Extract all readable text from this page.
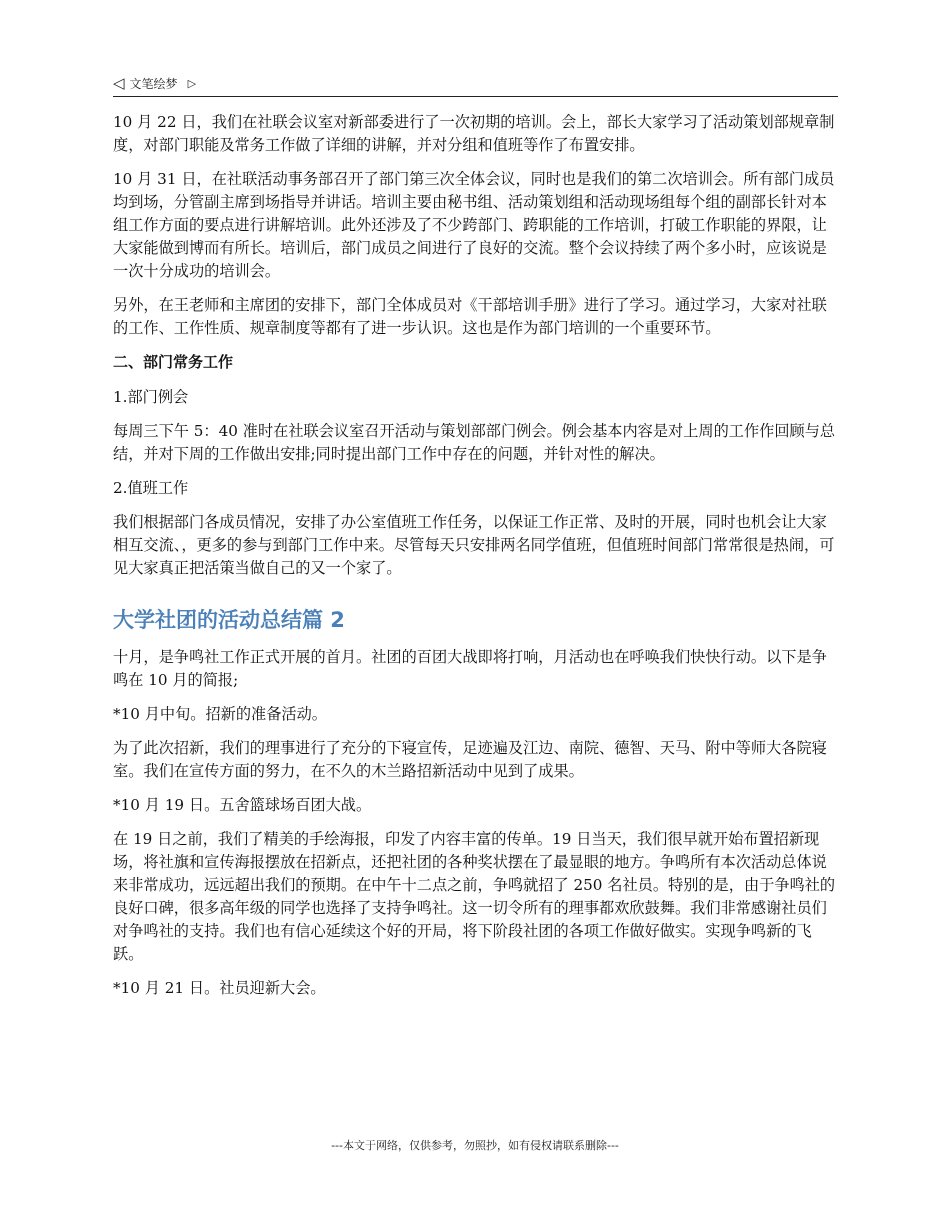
◁ 文笔绘梦 ▷

10 月 22 日，我们在社联会议室对新部委进行了一次初期的培训。会上，部长大家学习了活动策划部规章制度，对部门职能及常务工作做了详细的讲解，并对分组和值班等作了布置安排。

10 月 31 日，在社联活动事务部召开了部门第三次全体会议，同时也是我们的第二次培训会。所有部门成员均到场，分管副主席到场指导并讲话。培训主要由秘书组、活动策划组和活动现场组每个组的副部长针对本组工作方面的要点进行讲解培训。此外还涉及了不少跨部门、跨职能的工作培训，打破工作职能的界限，让大家能做到博而有所长。培训后，部门成员之间进行了良好的交流。整个会议持续了两个多小时，应该说是一次十分成功的培训会。

另外，在王老师和主席团的安排下，部门全体成员对《干部培训手册》进行了学习。通过学习，大家对社联的工作、工作性质、规章制度等都有了进一步认识。这也是作为部门培训的一个重要环节。

二、部门常务工作

1.部门例会

每周三下午 5：40 准时在社联会议室召开活动与策划部部门例会。例会基本内容是对上周的工作作回顾与总结，并对下周的工作做出安排;同时提出部门工作中存在的问题，并针对性的解决。

2.值班工作

我们根据部门各成员情况，安排了办公室值班工作任务，以保证工作正常、及时的开展，同时也机会让大家相互交流、，更多的参与到部门工作中来。尽管每天只安排两名同学值班，但值班时间部门常常很是热闹，可见大家真正把活策当做自己的又一个家了。

大学社团的活动总结篇 2

十月，是争鸣社工作正式开展的首月。社团的百团大战即将打响，月活动也在呼唤我们快快行动。以下是争鸣在 10 月的简报;

*10 月中旬。招新的准备活动。

为了此次招新，我们的理事进行了充分的下寝宣传，足迹遍及江边、南院、德智、天马、附中等师大各院寝室。我们在宣传方面的努力，在不久的木兰路招新活动中见到了成果。

*10 月 19 日。五舍篮球场百团大战。

在 19 日之前，我们了精美的手绘海报，印发了内容丰富的传单。19 日当天，我们很早就开始布置招新现场，将社旗和宣传海报摆放在招新点，还把社团的各种奖状摆在了最显眼的地方。争鸣所有本次活动总体说来非常成功，远远超出我们的预期。在中午十二点之前，争鸣就招了 250 名社员。特别的是，由于争鸣社的良好口碑，很多高年级的同学也选择了支持争鸣社。这一切令所有的理事都欢欣鼓舞。我们非常感谢社员们对争鸣社的支持。我们也有信心延续这个好的开局，将下阶段社团的各项工作做好做实。实现争鸣新的飞跃。

*10 月 21 日。社员迎新大会。

---本文于网络，仅供参考，勿照抄，如有侵权请联系删除---
